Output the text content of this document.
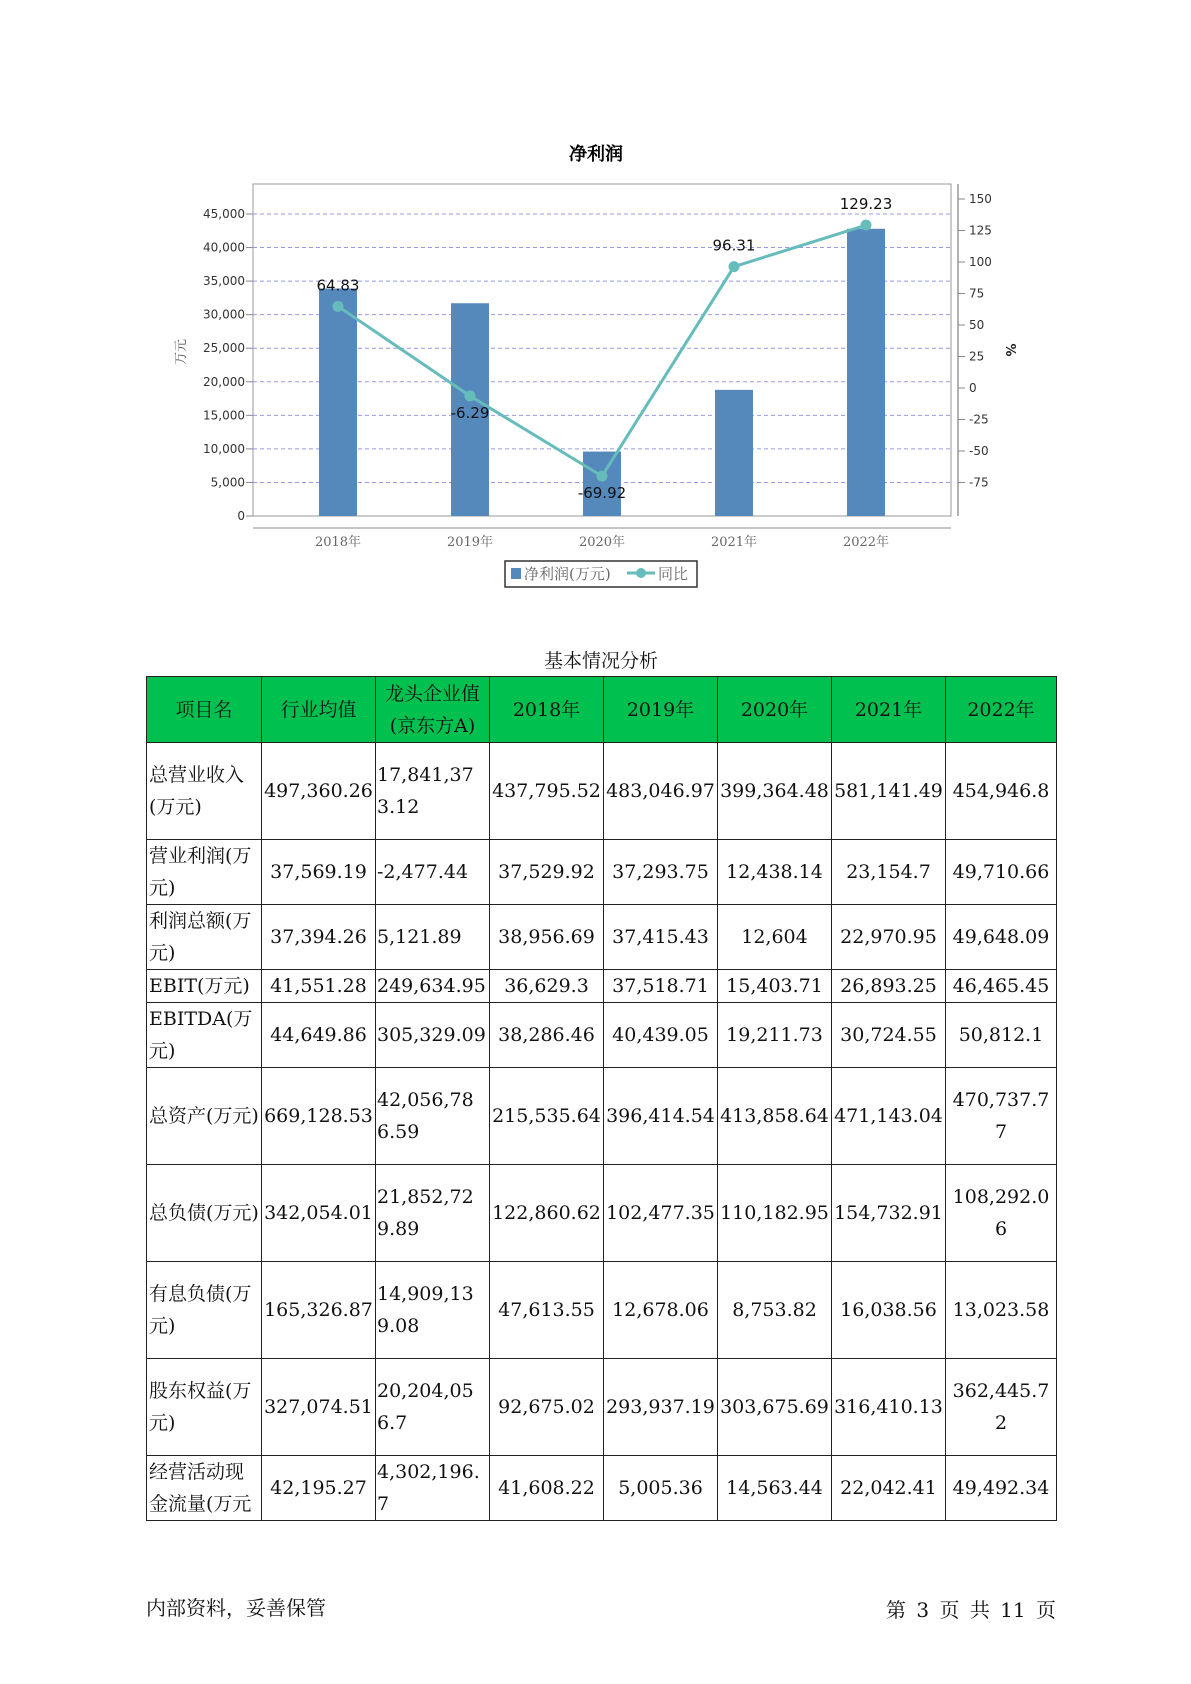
净利润
0
5,000
10,000
15,000
20,000
25,000
30,000
35,000
40,000
45,000
-75
-50
-25
0
25
50
75
100
125
150
2018年	2019年	2020年	2021年	2022年
64.83
-6.29
-69.92
96.31
129.23
万元	%
净利润(万元)	同比
基本情况分析
项目名	行业均值	龙头企业值(京东方A)	2018年	2019年	2020年	2021年	2022年
总营业收入(万元)	497,360.26	17,841,373.12	437,795.52	483,046.97	399,364.48	581,141.49	454,946.8
营业利润(万元)	37,569.19	-2,477.44	37,529.92	37,293.75	12,438.14	23,154.7	49,710.66
利润总额(万元)	37,394.26	5,121.89	38,956.69	37,415.43	12,604	22,970.95	49,648.09
EBIT(万元)	41,551.28	249,634.95	36,629.3	37,518.71	15,403.71	26,893.25	46,465.45
EBITDA(万元)	44,649.86	305,329.09	38,286.46	40,439.05	19,211.73	30,724.55	50,812.1
总资产(万元)	669,128.53	42,056,786.59	215,535.64	396,414.54	413,858.64	471,143.04	470,737.77
总负债(万元)	342,054.01	21,852,729.89	122,860.62	102,477.35	110,182.95	154,732.91	108,292.06
有息负债(万元)	165,326.87	14,909,139.08	47,613.55	12,678.06	8,753.82	16,038.56	13,023.58
股东权益(万元)	327,074.51	20,204,056.7	92,675.02	293,937.19	303,675.69	316,410.13	362,445.72
经营活动现金流量(万元	42,195.27	4,302,196.7	41,608.22	5,005.36	14,563.44	22,042.41	49,492.34
内部资料，妥善保管	第 3 页 共 11 页
